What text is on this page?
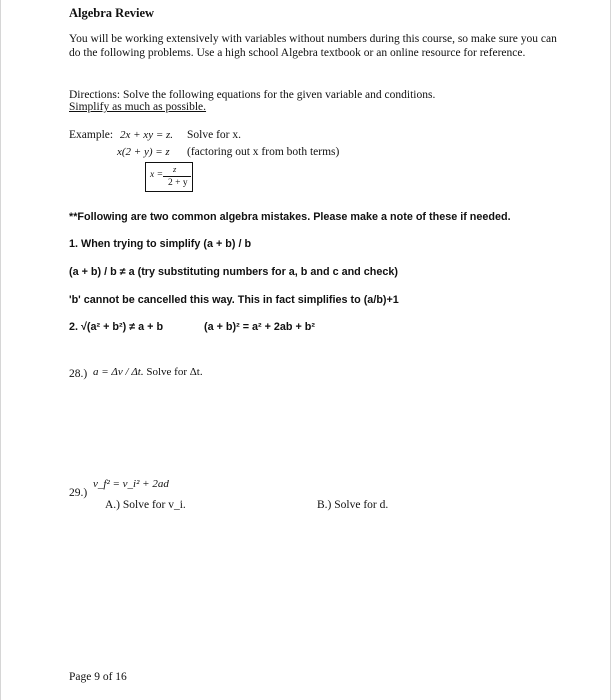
Algebra Review
You will be working extensively with variables without numbers during this course, so make sure you can do the following problems. Use a high school Algebra textbook or an online resource for reference.
Directions: Solve the following equations for the given variable and conditions.
Simplify as much as possible.
Example: 2x + xy = z. Solve for x.
x(2 + y) = z (factoring out x from both terms)
x =
z
2 + y
**Following are two common algebra mistakes. Please make a note of these if needed.
1. When trying to simplify (a + b) / b
(a + b) / b ≠ a (try substituting numbers for a, b and c and check)
'b' cannot be cancelled this way. This in fact simplifies to (a/b)+1
2. √(a² + b²) ≠ a + b	(a + b)² = a² + 2ab + b²
28.) a = Δv / Δt. Solve for Δt.
29.)
v_f² = v_i² + 2ad
A.) Solve for v_i.	B.) Solve for d.
Page 9 of 16
